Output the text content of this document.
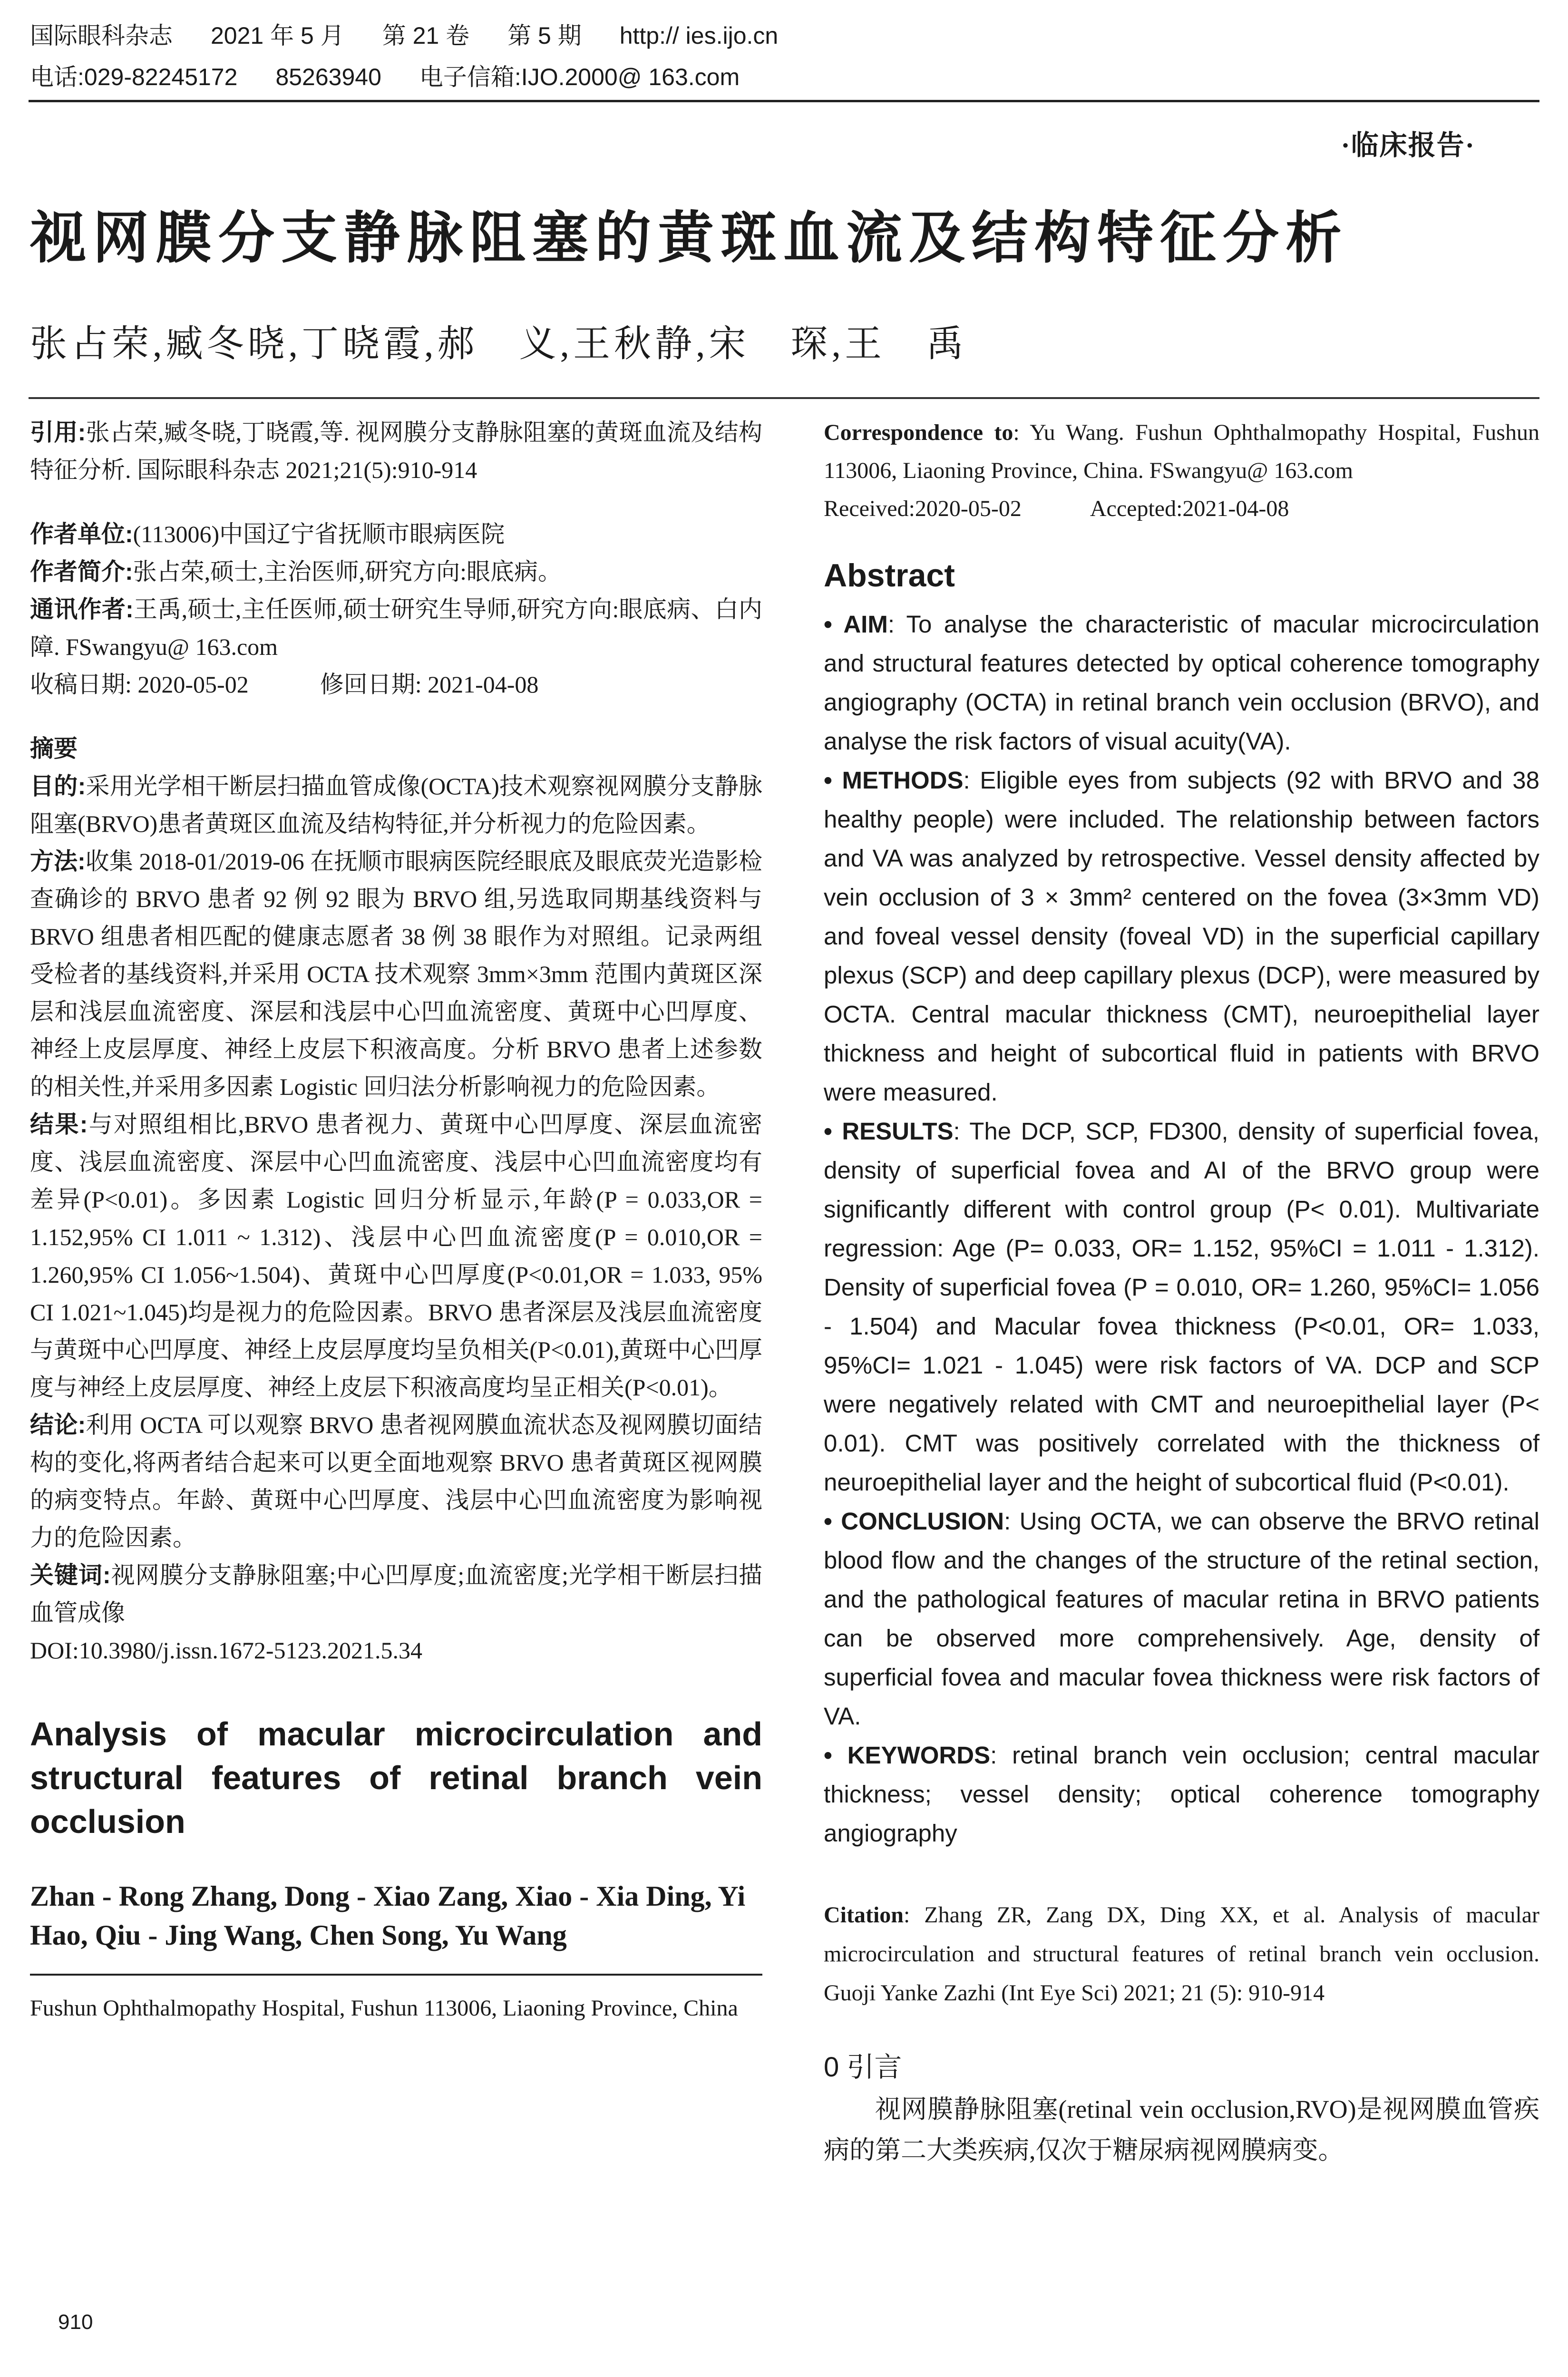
国际眼科杂志 2021 年 5 月 第 21 卷 第 5 期 http:// ies.ijo.cn
电话:029-82245172 85263940 电子信箱:IJO.2000@ 163.com
·临床报告·
视网膜分支静脉阻塞的黄斑血流及结构特征分析
张占荣,臧冬晓,丁晓霞,郝　义,王秋静,宋　琛,王　禹

引用:张占荣,臧冬晓,丁晓霞,等. 视网膜分支静脉阻塞的黄斑血流及结构特征分析. 国际眼科杂志 2021;21(5):910-914

作者单位:(113006)中国辽宁省抚顺市眼病医院

作者简介:张占荣,硕士,主治医师,研究方向:眼底病。

通讯作者:王禹,硕士,主任医师,硕士研究生导师,研究方向:眼底病、白内障. FSwangyu@ 163.com

收稿日期: 2020-05-02　　　修回日期: 2021-04-08

摘要

目的:采用光学相干断层扫描血管成像(OCTA)技术观察视网膜分支静脉阻塞(BRVO)患者黄斑区血流及结构特征,并分析视力的危险因素。

方法:收集 2018-01/2019-06 在抚顺市眼病医院经眼底及眼底荧光造影检查确诊的 BRVO 患者 92 例 92 眼为 BRVO 组,另选取同期基线资料与 BRVO 组患者相匹配的健康志愿者 38 例 38 眼作为对照组。记录两组受检者的基线资料,并采用 OCTA 技术观察 3mm×3mm 范围内黄斑区深层和浅层血流密度、深层和浅层中心凹血流密度、黄斑中心凹厚度、神经上皮层厚度、神经上皮层下积液高度。分析 BRVO 患者上述参数的相关性,并采用多因素 Logistic 回归法分析影响视力的危险因素。

结果:与对照组相比,BRVO 患者视力、黄斑中心凹厚度、深层血流密度、浅层血流密度、深层中心凹血流密度、浅层中心凹血流密度均有差异(P<0.01)。多因素 Logistic 回归分析显示,年龄(P = 0.033,OR = 1.152,95% CI 1.011 ~ 1.312)、浅层中心凹血流密度(P = 0.010,OR = 1.260,95% CI 1.056~1.504)、黄斑中心凹厚度(P<0.01,OR = 1.033, 95% CI 1.021~1.045)均是视力的危险因素。BRVO 患者深层及浅层血流密度与黄斑中心凹厚度、神经上皮层厚度均呈负相关(P<0.01),黄斑中心凹厚度与神经上皮层厚度、神经上皮层下积液高度均呈正相关(P<0.01)。

结论:利用 OCTA 可以观察 BRVO 患者视网膜血流状态及视网膜切面结构的变化,将两者结合起来可以更全面地观察 BRVO 患者黄斑区视网膜的病变特点。年龄、黄斑中心凹厚度、浅层中心凹血流密度为影响视力的危险因素。

关键词:视网膜分支静脉阻塞;中心凹厚度;血流密度;光学相干断层扫描血管成像

DOI:10.3980/j.issn.1672-5123.2021.5.34

Analysis of macular microcirculation and structural features of retinal branch vein occlusion

Zhan - Rong Zhang, Dong - Xiao Zang, Xiao - Xia Ding, Yi Hao, Qiu - Jing Wang, Chen Song, Yu Wang

Fushun Ophthalmopathy Hospital, Fushun 113006, Liaoning Province, China

Correspondence to: Yu Wang. Fushun Ophthalmopathy Hospital, Fushun 113006, Liaoning Province, China. FSwangyu@ 163.com

Received:2020-05-02　　　Accepted:2021-04-08

Abstract

• AIM: To analyse the characteristic of macular microcirculation and structural features detected by optical coherence tomography angiography (OCTA) in retinal branch vein occlusion (BRVO), and analyse the risk factors of visual acuity(VA).

• METHODS: Eligible eyes from subjects (92 with BRVO and 38 healthy people) were included. The relationship between factors and VA was analyzed by retrospective. Vessel density affected by vein occlusion of 3 × 3mm² centered on the fovea (3×3mm VD) and foveal vessel density (foveal VD) in the superficial capillary plexus (SCP) and deep capillary plexus (DCP), were measured by OCTA. Central macular thickness (CMT), neuroepithelial layer thickness and height of subcortical fluid in patients with BRVO were measured.

• RESULTS: The DCP, SCP, FD300, density of superficial fovea, density of superficial fovea and AI of the BRVO group were significantly different with control group (P< 0.01). Multivariate regression: Age (P= 0.033, OR= 1.152, 95%CI = 1.011 - 1.312). Density of superficial fovea (P = 0.010, OR= 1.260, 95%CI= 1.056 - 1.504) and Macular fovea thickness (P<0.01, OR= 1.033, 95%CI= 1.021 - 1.045) were risk factors of VA. DCP and SCP were negatively related with CMT and neuroepithelial layer (P< 0.01). CMT was positively correlated with the thickness of neuroepithelial layer and the height of subcortical fluid (P<0.01).

• CONCLUSION: Using OCTA, we can observe the BRVO retinal blood flow and the changes of the structure of the retinal section, and the pathological features of macular retina in BRVO patients can be observed more comprehensively. Age, density of superficial fovea and macular fovea thickness were risk factors of VA.

• KEYWORDS: retinal branch vein occlusion; central macular thickness; vessel density; optical coherence tomography angiography

Citation: Zhang ZR, Zang DX, Ding XX, et al. Analysis of macular microcirculation and structural features of retinal branch vein occlusion. Guoji Yanke Zazhi (Int Eye Sci) 2021; 21 (5): 910-914

0 引言

视网膜静脉阻塞(retinal vein occlusion,RVO)是视网膜血管疾病的第二大类疾病,仅次于糖尿病视网膜病变。

910
